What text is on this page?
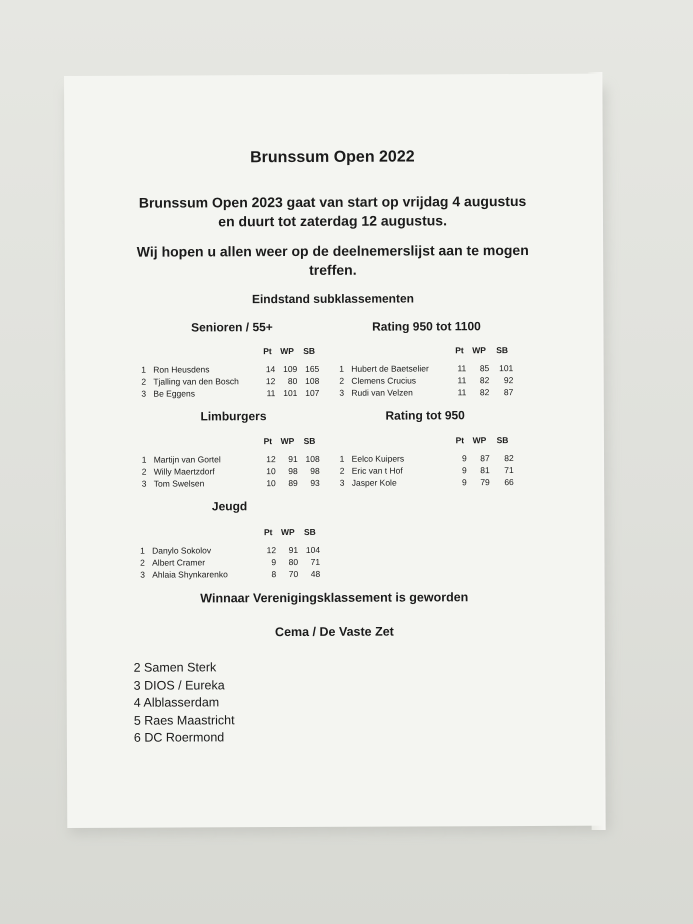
Brunssum Open 2022
Brunssum Open 2023 gaat van start op vrijdag 4 augustus
en duurt tot zaterdag 12 augustus.
Wij hopen u allen weer op de deelnemerslijst aan te mogen
treffen.
Eindstand subklassementen
Senioren / 55+
Pt WP SB
1 Ron Heusdens	14 109 165
2 Tjalling van den Bosch	12	80 108
3 Be Eggens	11 101 107
Rating 950 tot 1100
Pt WP SB
1 Hubert de Baetselier	11	85	101
2 Clemens Crucius	11	82	92
3 Rudi van Velzen	11	82	87
Limburgers
Pt WP SB
1 Martijn van Gortel	12	91 108
2 Willy Maertzdorf	10	98	98
3 Tom Swelsen	10	89	93
Rating tot 950
Pt WP SB
1 Eelco Kuipers	9	87	82
2 Eric van t Hof	9	81	71
3 Jasper Kole	9	79	66
Jeugd
Pt WP SB
1 Danylo Sokolov	12	91 104
2 Albert Cramer	9	80	71
3 Ahlaia Shynkarenko	8	70	48
Winnaar Verenigingsklassement is geworden
Cema / De Vaste Zet
2 Samen Sterk
3 DIOS / Eureka
4 Alblasserdam
5 Raes Maastricht
6 DC Roermond
